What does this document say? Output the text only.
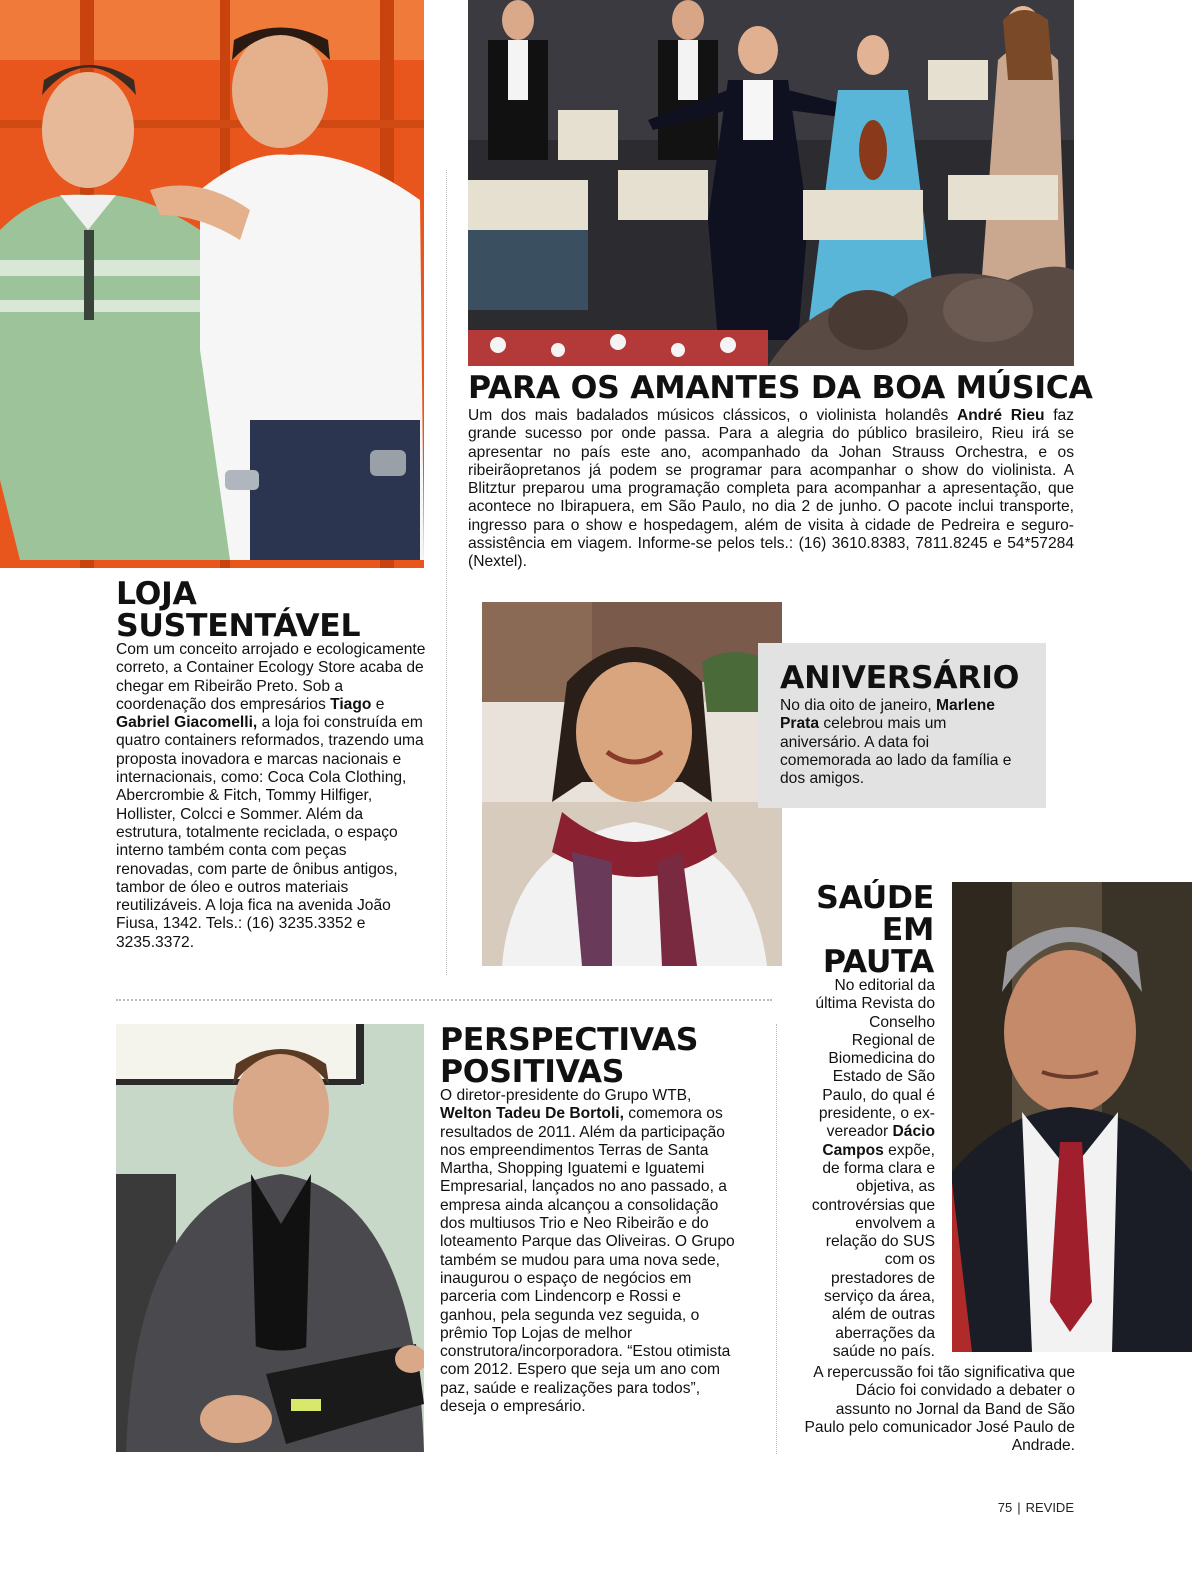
PARA OS AMANTES DA BOA MÚSICA
Um dos mais badalados músicos clássicos, o violinista holandês André Rieu faz grande sucesso por onde passa. Para a alegria do público brasileiro, Rieu irá se apresentar no país este ano, acompanhado da Johan Strauss Orchestra, e os ribeirãopretanos já podem se programar para acompanhar o show do violinista. A Blitztur preparou uma programação completa para acompanhar a apresentação, que acontece no Ibirapuera, em São Paulo, no dia 2 de junho. O pacote inclui transporte, ingresso para o show e hospedagem, além de visita à cidade de Pedreira e seguro-assistência em viagem. Informe-se pelos tels.: (16) 3610.8383, 7811.8245 e 54*57284 (Nextel).
LOJA
SUSTENTÁVEL
Com um conceito arrojado e ecologicamente correto, a Container Ecology Store acaba de chegar em Ribeirão Preto. Sob a coordenação dos empresários Tiago e Gabriel Giacomelli, a loja foi construída em quatro containers reformados, trazendo uma proposta inovadora e marcas nacionais e internacionais, como: Coca Cola Clothing, Abercrombie & Fitch, Tommy Hilfiger, Hollister, Colcci e Sommer. Além da estrutura, totalmente reciclada, o espaço interno também conta com peças renovadas, com parte de ônibus antigos, tambor de óleo e outros materiais reutilizáveis. A loja fica na avenida João Fiusa, 1342. Tels.: (16) 3235.3352 e 3235.3372.
ANIVERSÁRIO
No dia oito de janeiro, Marlene Prata celebrou mais um aniversário. A data foi comemorada ao lado da família e dos amigos.
PERSPECTIVAS
POSITIVAS
O diretor-presidente do Grupo WTB, Welton Tadeu De Bortoli, comemora os resultados de 2011. Além da participação nos empreendimentos Terras de Santa Martha, Shopping Iguatemi e Iguatemi Empresarial, lançados no ano passado, a empresa ainda alcançou a consolidação dos multiusos Trio e Neo Ribeirão e do loteamento Parque das Oliveiras. O Grupo também se mudou para uma nova sede, inaugurou o espaço de negócios em parceria com Lindencorp e Rossi e ganhou, pela segunda vez seguida, o prêmio Top Lojas de melhor construtora/incorporadora. “Estou otimista com 2012. Espero que seja um ano com paz, saúde e realizações para todos”, deseja o empresário.
SAÚDE
EM
PAUTA
No editorial da última Revista do Conselho Regional de Biomedicina do Estado de São Paulo, do qual é presidente, o ex-vereador Dácio Campos expõe, de forma clara e objetiva, as controvérsias que envolvem a relação do SUS com os prestadores de serviço da área, além de outras aberrações da saúde no país.
A repercussão foi tão significativa que Dácio foi convidado a debater o assunto no Jornal da Band de São Paulo pelo comunicador José Paulo de Andrade.
75 | REVIDE
